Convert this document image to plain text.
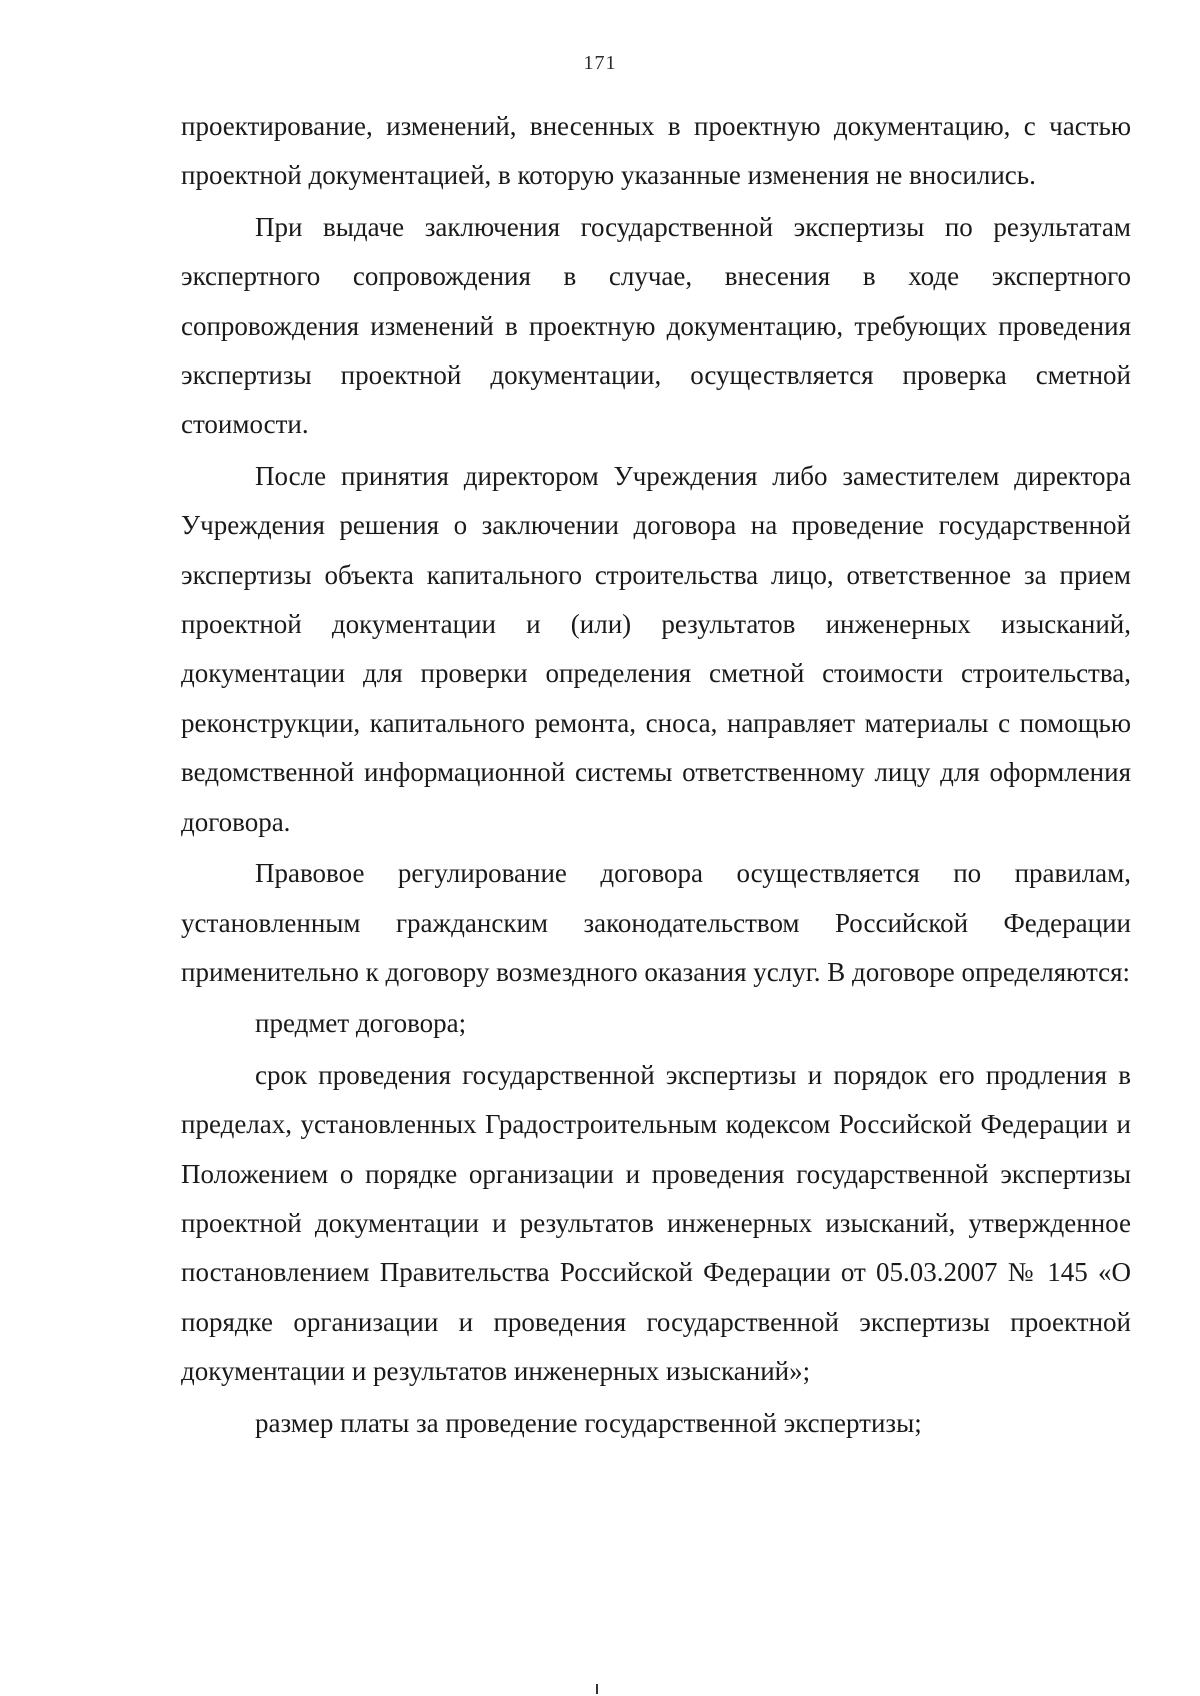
171

проектирование, изменений, внесенных в проектную документацию, с частью проектной документацией, в которую указанные изменения не вносились.

При выдаче заключения государственной экспертизы по результатам экспертного сопровождения в случае, внесения в ходе экспертного сопровождения изменений в проектную документацию, требующих проведения экспертизы проектной документации, осуществляется проверка сметной стоимости.

После принятия директором Учреждения либо заместителем директора Учреждения решения о заключении договора на проведение государственной экспертизы объекта капитального строительства лицо, ответственное за прием проектной документации и (или) результатов инженерных изысканий, документации для проверки определения сметной стоимости строительства, реконструкции, капитального ремонта, сноса, направляет материалы с помощью ведомственной информационной системы ответственному лицу для оформления договора.

Правовое регулирование договора осуществляется по правилам, установленным гражданским законодательством Российской Федерации применительно к договору возмездного оказания услуг. В договоре определяются:

предмет договора;

срок проведения государственной экспертизы и порядок его продления в пределах, установленных Градостроительным кодексом Российской Федерации и Положением о порядке организации и проведения государственной экспертизы проектной документации и результатов инженерных изысканий, утвержденное постановлением Правительства Российской Федерации от 05.03.2007 № 145 «О порядке организации и проведения государственной экспертизы проектной документации и результатов инженерных изысканий»;

размер платы за проведение государственной экспертизы;
